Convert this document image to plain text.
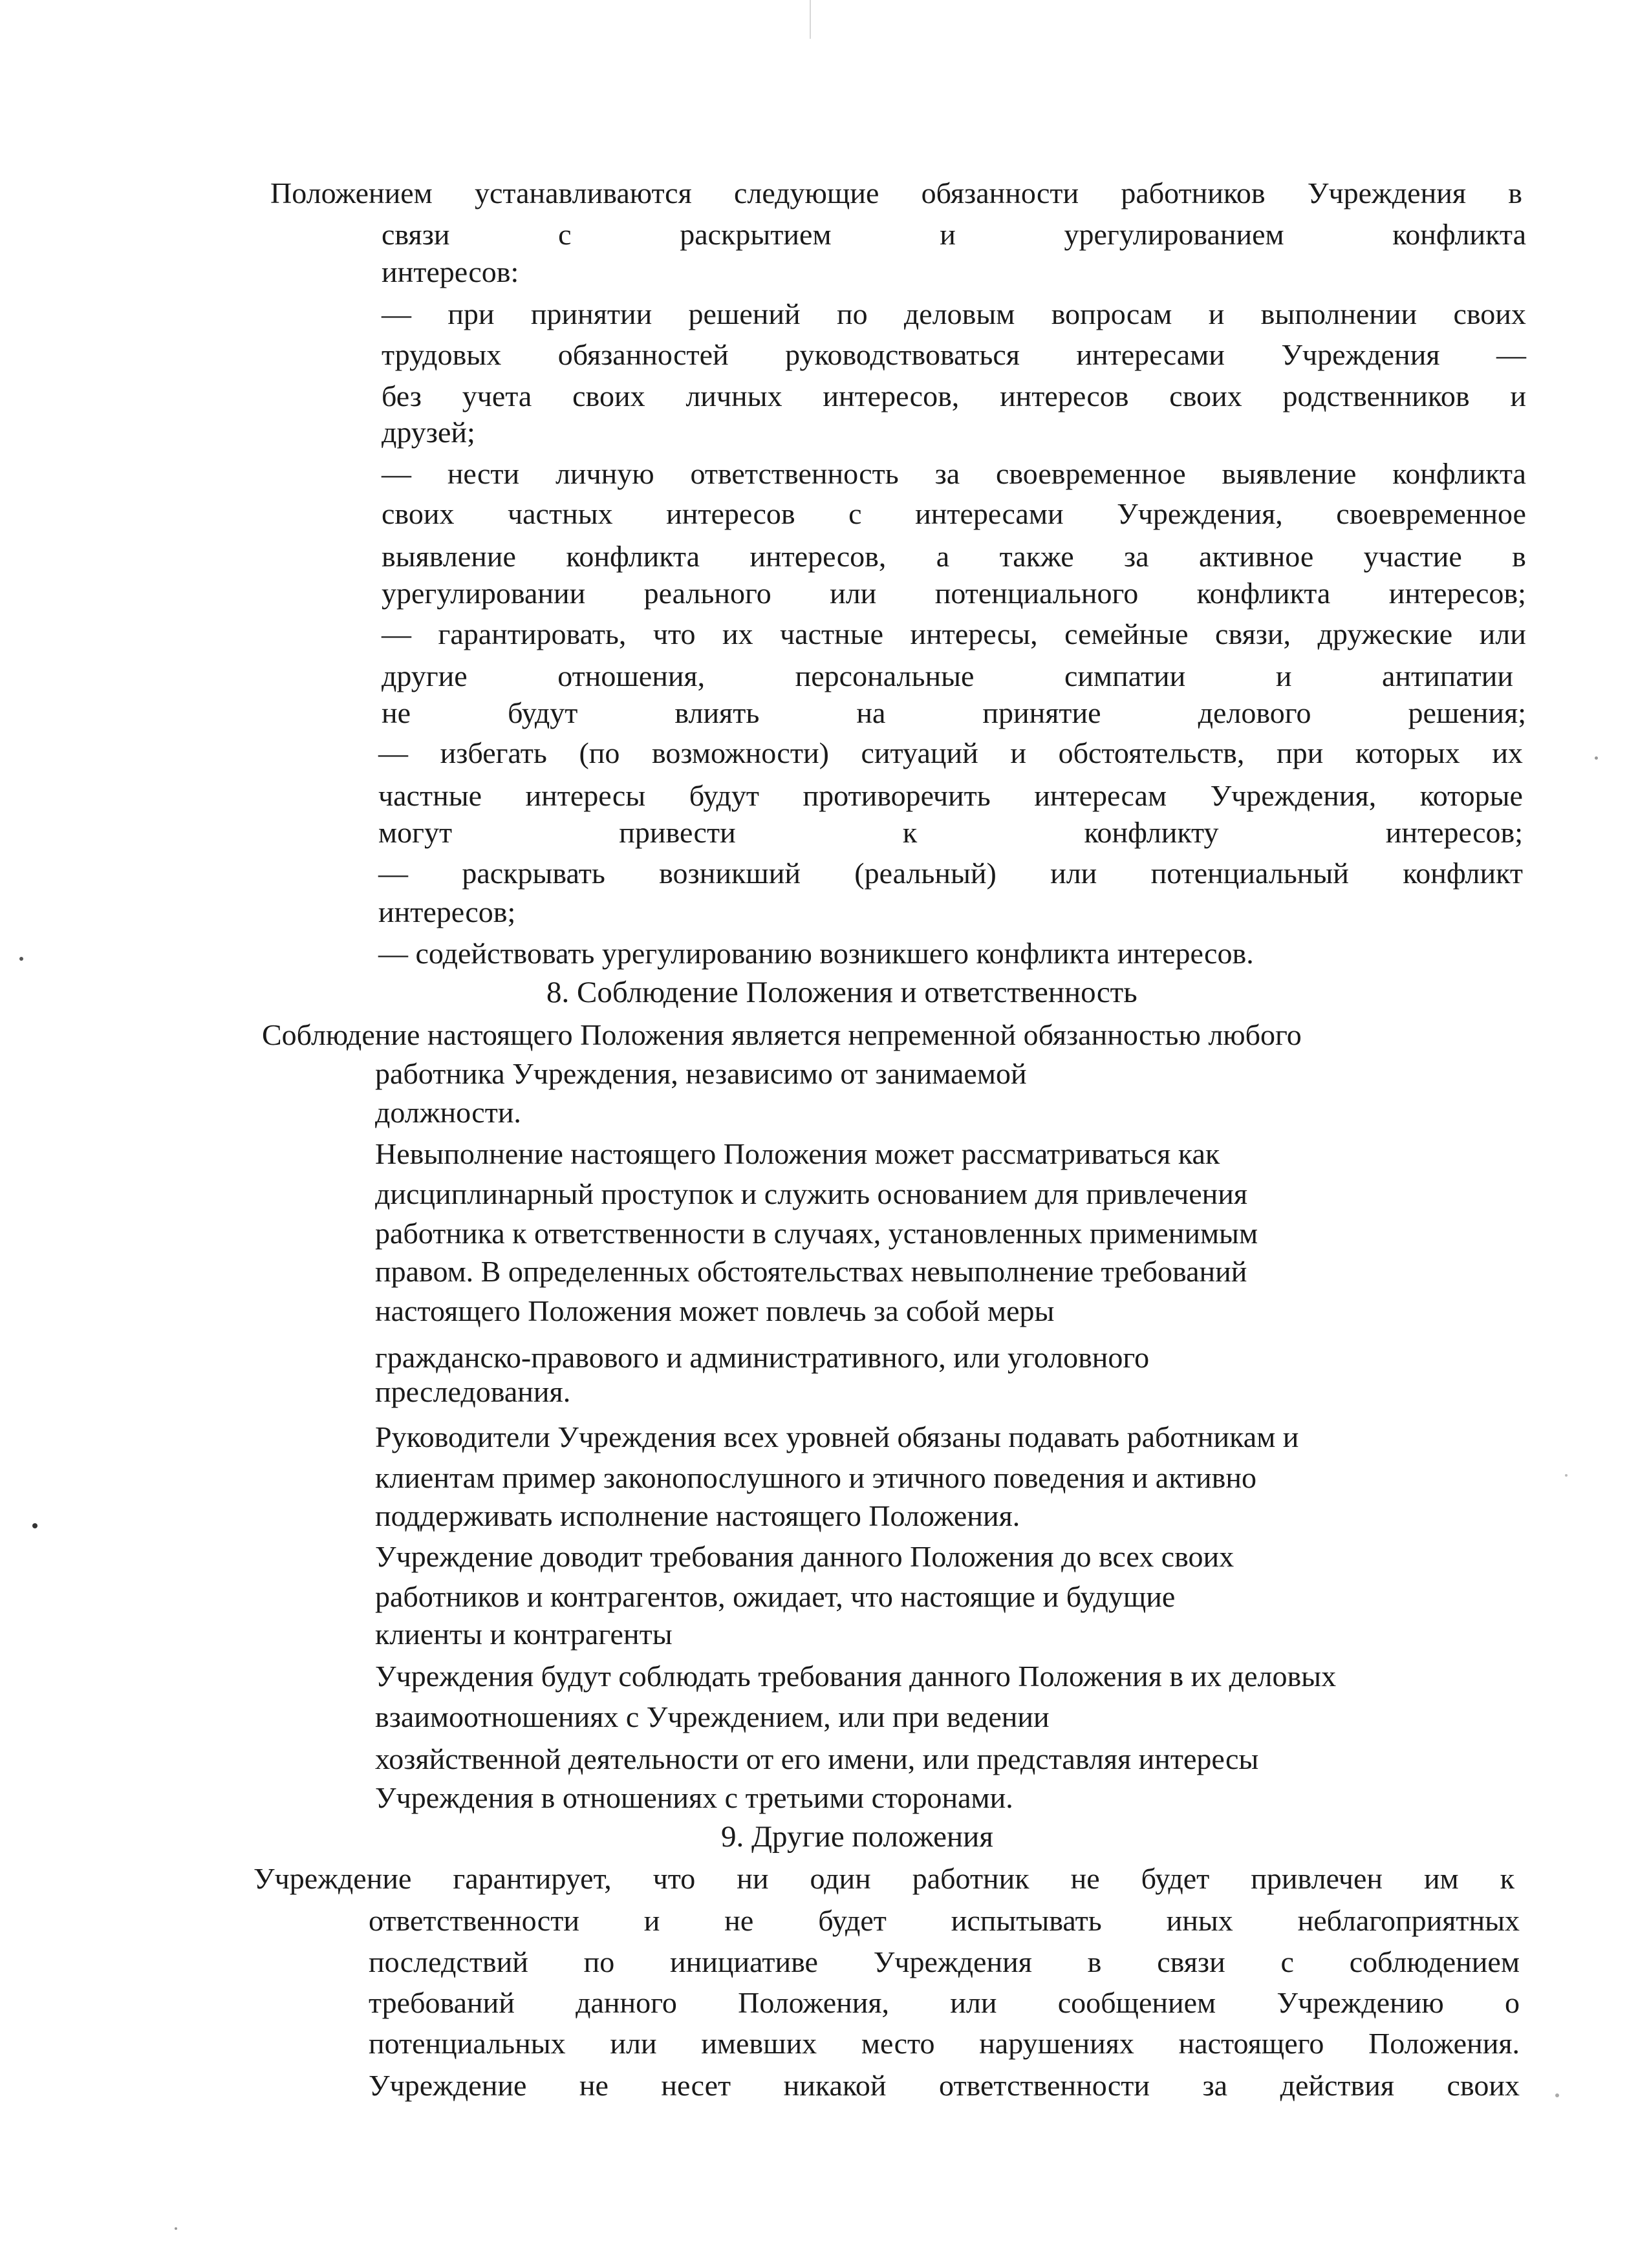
Положением устанавливаются следующие обязанности работников Учреждения в
связи	с	раскрытием	и	урегулированием	конфликта
интересов:
— при принятии решений по деловым вопросам и выполнении своих
трудовых обязанностей руководствоваться интересами Учреждения —
без учета своих личных интересов, интересов своих родственников и
друзей;
— нести личную ответственность за своевременное выявление конфликта
своих частных интересов с интересами Учреждения, своевременное
выявление конфликта интересов, а также за активное участие в
урегулировании реального или потенциального конфликта интересов;
— гарантировать, что их частные интересы, семейные связи, дружеские или
другие	отношения,	персональные	симпатии	и	антипатии
не	будут	влиять	на	принятие	делового	решения;
— избегать (по возможности) ситуаций и обстоятельств, при которых их
частные интересы будут противоречить интересам Учреждения, которые
могут	привести	к	конфликту	интересов;
— раскрывать возникший (реальный) или потенциальный конфликт
интересов;
— содействовать урегулированию возникшего конфликта интересов.
8. Соблюдение Положения и ответственность
Соблюдение настоящего Положения является непременной обязанностью любого
работника Учреждения, независимо от занимаемой
должности.
Невыполнение настоящего Положения может рассматриваться как
дисциплинарный проступок и служить основанием для привлечения
работника к ответственности в случаях, установленных применимым
правом. В определенных обстоятельствах невыполнение требований
настоящего Положения может повлечь за собой меры
гражданско-правового и административного, или уголовного
преследования.
Руководители Учреждения всех уровней обязаны подавать работникам и
клиентам пример законопослушного и этичного поведения и активно
поддерживать исполнение настоящего Положения.
Учреждение доводит требования данного Положения до всех своих
работников и контрагентов, ожидает, что настоящие и будущие
клиенты и контрагенты
Учреждения будут соблюдать требования данного Положения в их деловых
взаимоотношениях с Учреждением, или при ведении
хозяйственной деятельности от его имени, или представляя интересы
Учреждения в отношениях с третьими сторонами.
9. Другие положения
Учреждение гарантирует, что ни один работник не будет привлечен им к
ответственности и не будет испытывать иных неблагоприятных
последствий по инициативе Учреждения в связи с соблюдением
требований данного Положения, или сообщением Учреждению о
потенциальных или имевших место нарушениях настоящего Положения.
Учреждение не несет никакой ответственности за действия своих
